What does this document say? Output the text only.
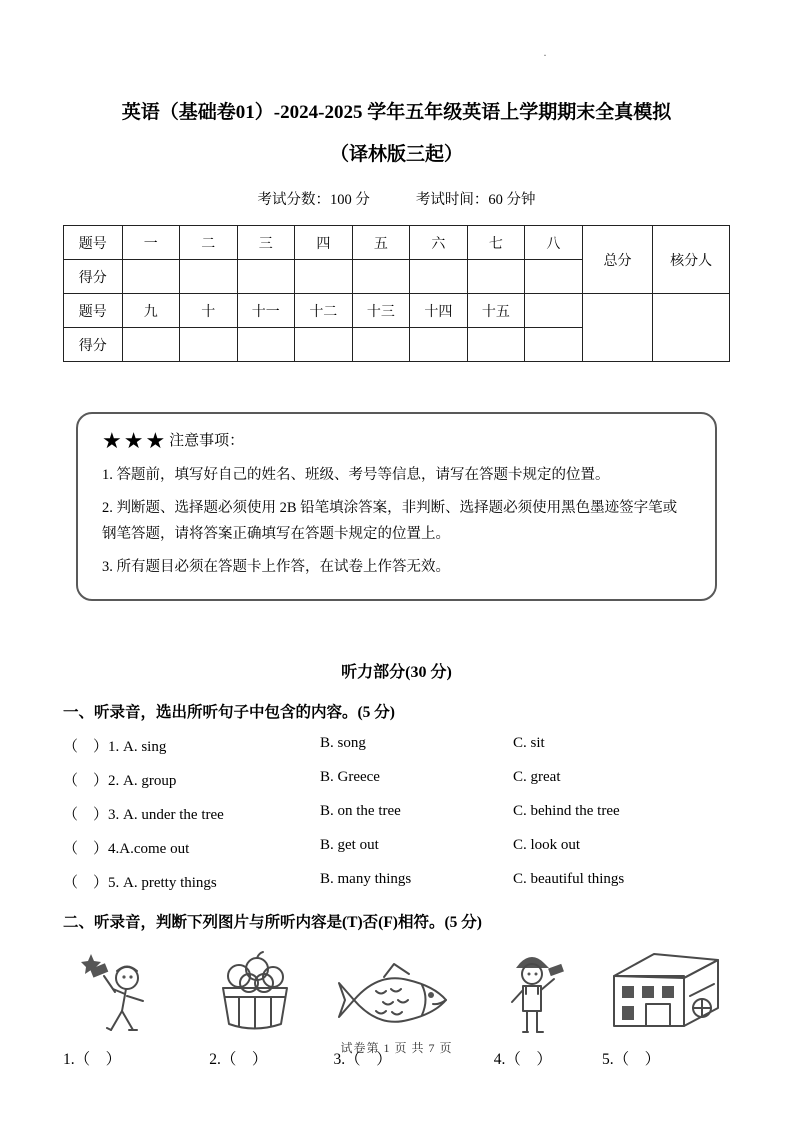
·
英语（基础卷01）-2024-2025 学年五年级英语上学期期末全真模拟
（译林版三起）
考试分数：100 分	考试时间：60 分钟
题号	一	二	三	四	五	六	七	八	总分	核分人
得分										
题号	九	十	十一	十二	十三	十四	十五			
得分										
★★★ 注意事项：

1. 答题前，填写好自己的姓名、班级、考号等信息，请写在答题卡规定的位置。

2. 判断题、选择题必须使用 2B 铅笔填涂答案，非判断、选择题必须使用黑色墨迹签字笔或钢笔答题，请将答案正确填写在答题卡规定的位置上。

3. 所有题目必须在答题卡上作答，在试卷上作答无效。

听力部分(30 分)
一、听录音，选出所听句子中包含的内容。(5 分)
（　）1. A. sing	B. song	C. sit
（　）2. A. group	B. Greece	C. great
（　）3. A. under the tree	B. on the tree	C. behind the tree
（　）4.A.come out	B. get out	C. look out
（　）5. A. pretty things	B. many things	C. beautiful things
二、听录音，判断下列图片与所听内容是(T)否(F)相符。(5 分)
1.（　）	2.（　）	3.（　）	4.（　）	5.（　）
试卷第 1 页 共 7 页
